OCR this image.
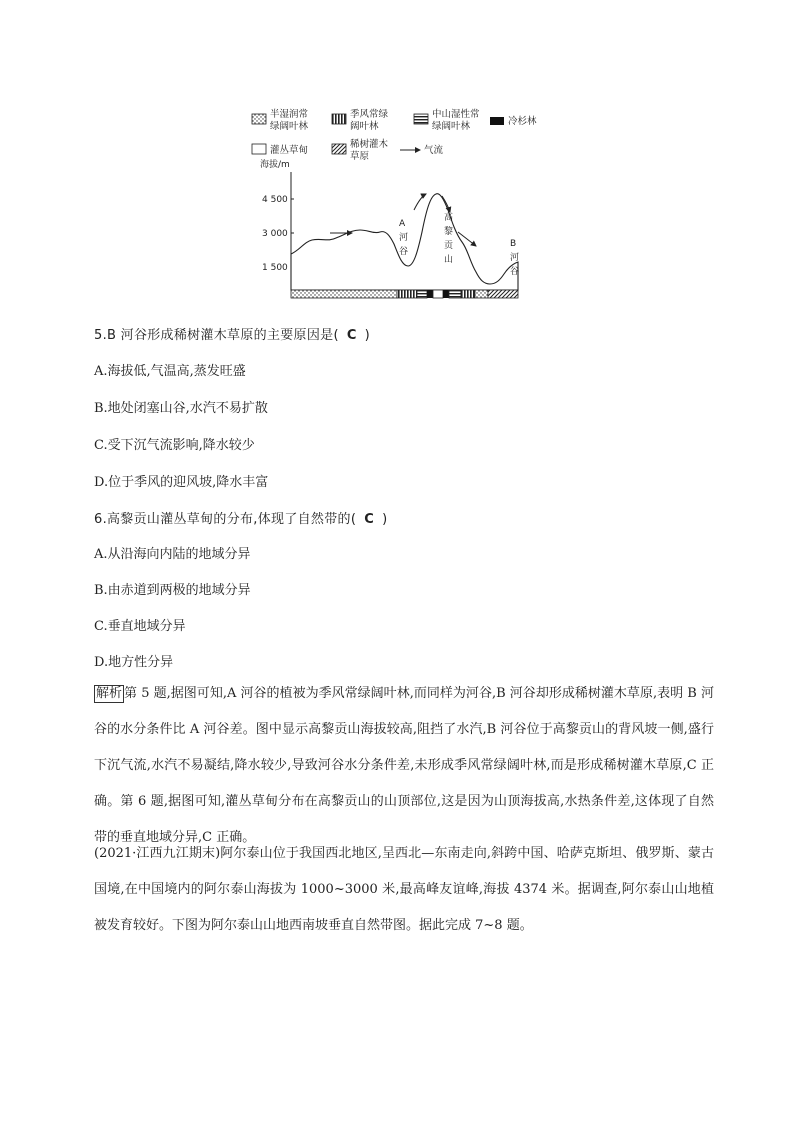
半湿润常
绿阔叶林
季风常绿
阔叶林
中山湿性常
绿阔叶林	冷杉林
灌丛草甸
稀树灌木
草原
气流
海拔/m
4 500
3 000
1 500
A
河
谷
高
黎
贡
山
B
河
谷
5.B 河谷形成稀树灌木草原的主要原因是( C )
A.海拔低,气温高,蒸发旺盛
B.地处闭塞山谷,水汽不易扩散
C.受下沉气流影响,降水较少
D.位于季风的迎风坡,降水丰富
6.高黎贡山灌丛草甸的分布,体现了自然带的( C )
A.从沿海向内陆的地域分异
B.由赤道到两极的地域分异
C.垂直地域分异
D.地方性分异
解析 第 5 题,据图可知,A 河谷的植被为季风常绿阔叶林,而同样为河谷,B 河谷却形成稀树灌木草原,表明 B 河谷的水分条件比 A 河谷差。图中显示高黎贡山海拔较高,阻挡了水汽,B 河谷位于高黎贡山的背风坡一侧,盛行下沉气流,水汽不易凝结,降水较少,导致河谷水分条件差,未形成季风常绿阔叶林,而是形成稀树灌木草原,C 正确。第 6 题,据图可知,灌丛草甸分布在高黎贡山的山顶部位,这是因为山顶海拔高,水热条件差,这体现了自然带的垂直地域分异,C 正确。
(2021·江西九江期末)阿尔泰山位于我国西北地区,呈西北—东南走向,斜跨中国、哈萨克斯坦、俄罗斯、蒙古国境,在中国境内的阿尔泰山海拔为 1000~3000 米,最高峰友谊峰,海拔 4374 米。据调查,阿尔泰山山地植被发育较好。下图为阿尔泰山山地西南坡垂直自然带图。据此完成 7~8 题。
